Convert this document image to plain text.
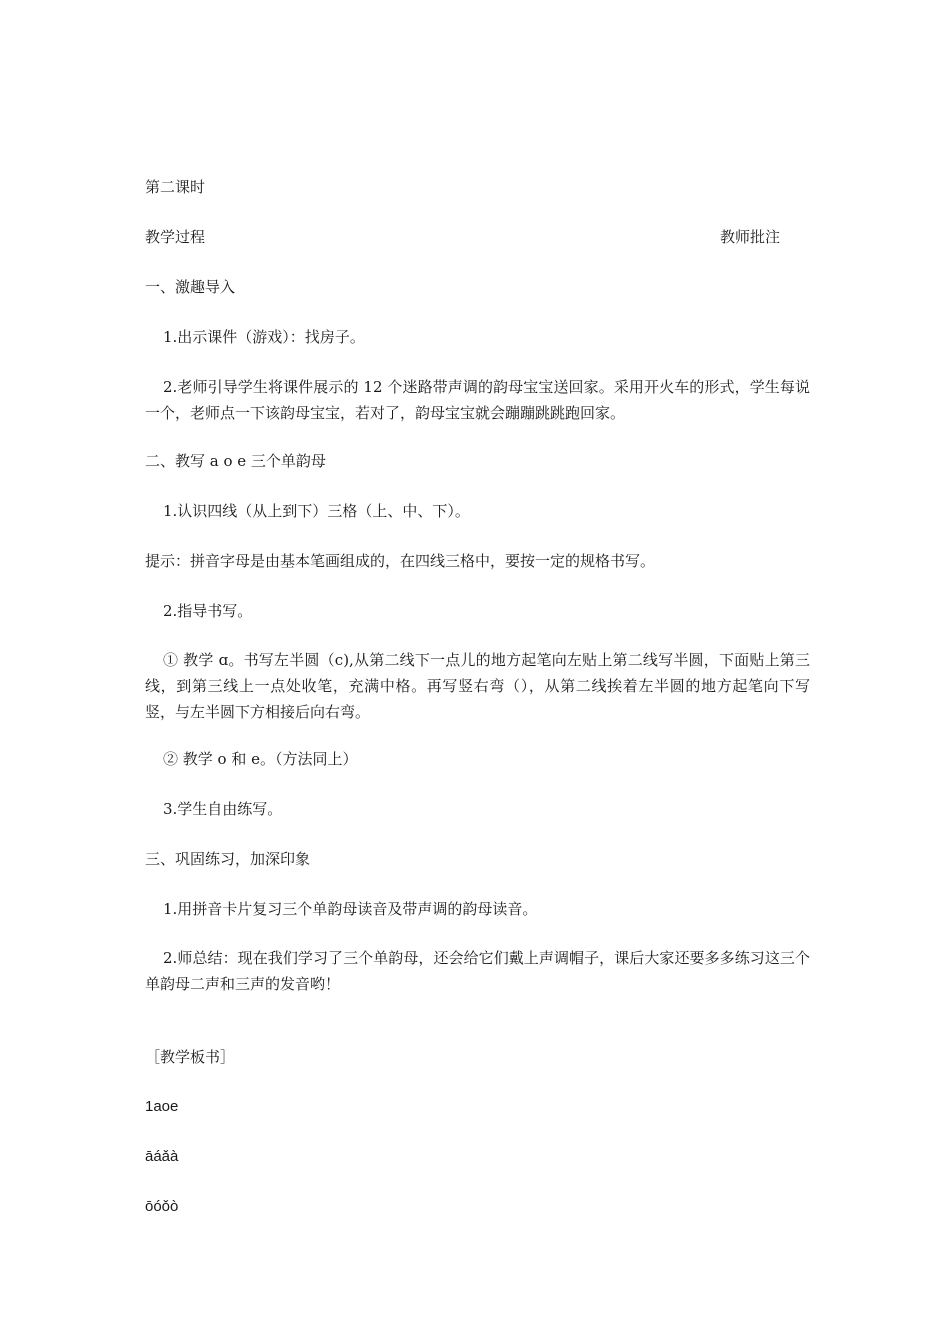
第二课时
教学过程	教师批注
一、激趣导入
1.出示课件（游戏）：找房子。
2.老师引导学生将课件展示的 12 个迷路带声调的韵母宝宝送回家。采用开火车的形式，学生每说一个，老师点一下该韵母宝宝，若对了，韵母宝宝就会蹦蹦跳跳跑回家。
二、教写 a o e 三个单韵母
1.认识四线（从上到下）三格（上、中、下）。
提示：拼音字母是由基本笔画组成的，在四线三格中，要按一定的规格书写。
2.指导书写。
① 教学 ɑ。书写左半圆（c),从第二线下一点儿的地方起笔向左贴上第二线写半圆，下面贴上第三线，到第三线上一点处收笔，充满中格。再写竖右弯（），从第二线挨着左半圆的地方起笔向下写竖，与左半圆下方相接后向右弯。
② 教学 o 和 e。（方法同上）
3.学生自由练写。
三、巩固练习，加深印象
1.用拼音卡片复习三个单韵母读音及带声调的韵母读音。
2.师总结：现在我们学习了三个单韵母，还会给它们戴上声调帽子，课后大家还要多多练习这三个单韵母二声和三声的发音哟！
［教学板书］
1aoe
āáǎà
ōóǒò
